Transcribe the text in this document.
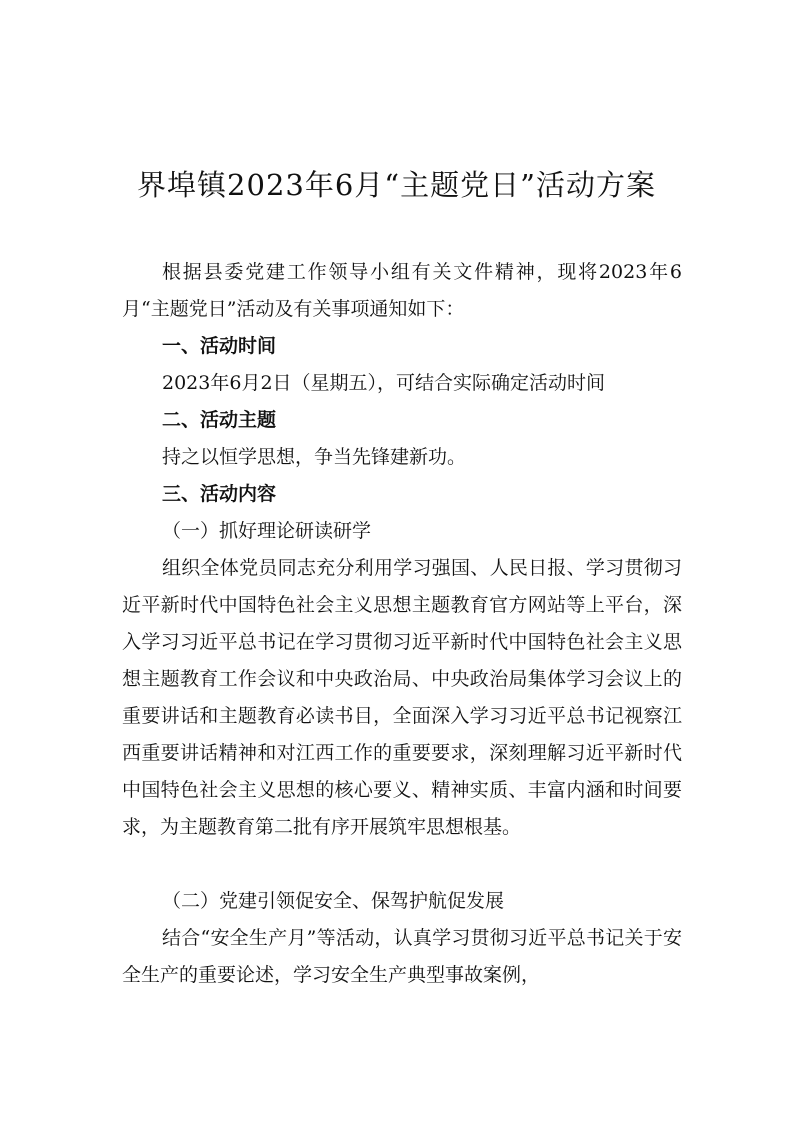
界埠镇2023年6月“主题党日”活动方案
根据县委党建工作领导小组有关文件精神，现将2023年6月“主题党日”活动及有关事项通知如下：
一、活动时间
2023年6月2日（星期五），可结合实际确定活动时间
二、活动主题
持之以恒学思想，争当先锋建新功。
三、活动内容
（一）抓好理论研读研学
组织全体党员同志充分利用学习强国、人民日报、学习贯彻习近平新时代中国特色社会主义思想主题教育官方网站等上平台，深入学习习近平总书记在学习贯彻习近平新时代中国特色社会主义思想主题教育工作会议和中央政治局、中央政治局集体学习会议上的重要讲话和主题教育必读书目，全面深入学习习近平总书记视察江西重要讲话精神和对江西工作的重要要求，深刻理解习近平新时代中国特色社会主义思想的核心要义、精神实质、丰富内涵和时间要求，为主题教育第二批有序开展筑牢思想根基。
（二）党建引领促安全、保驾护航促发展
结合“安全生产月”等活动，认真学习贯彻习近平总书记关于安全生产的重要论述，学习安全生产典型事故案例，
